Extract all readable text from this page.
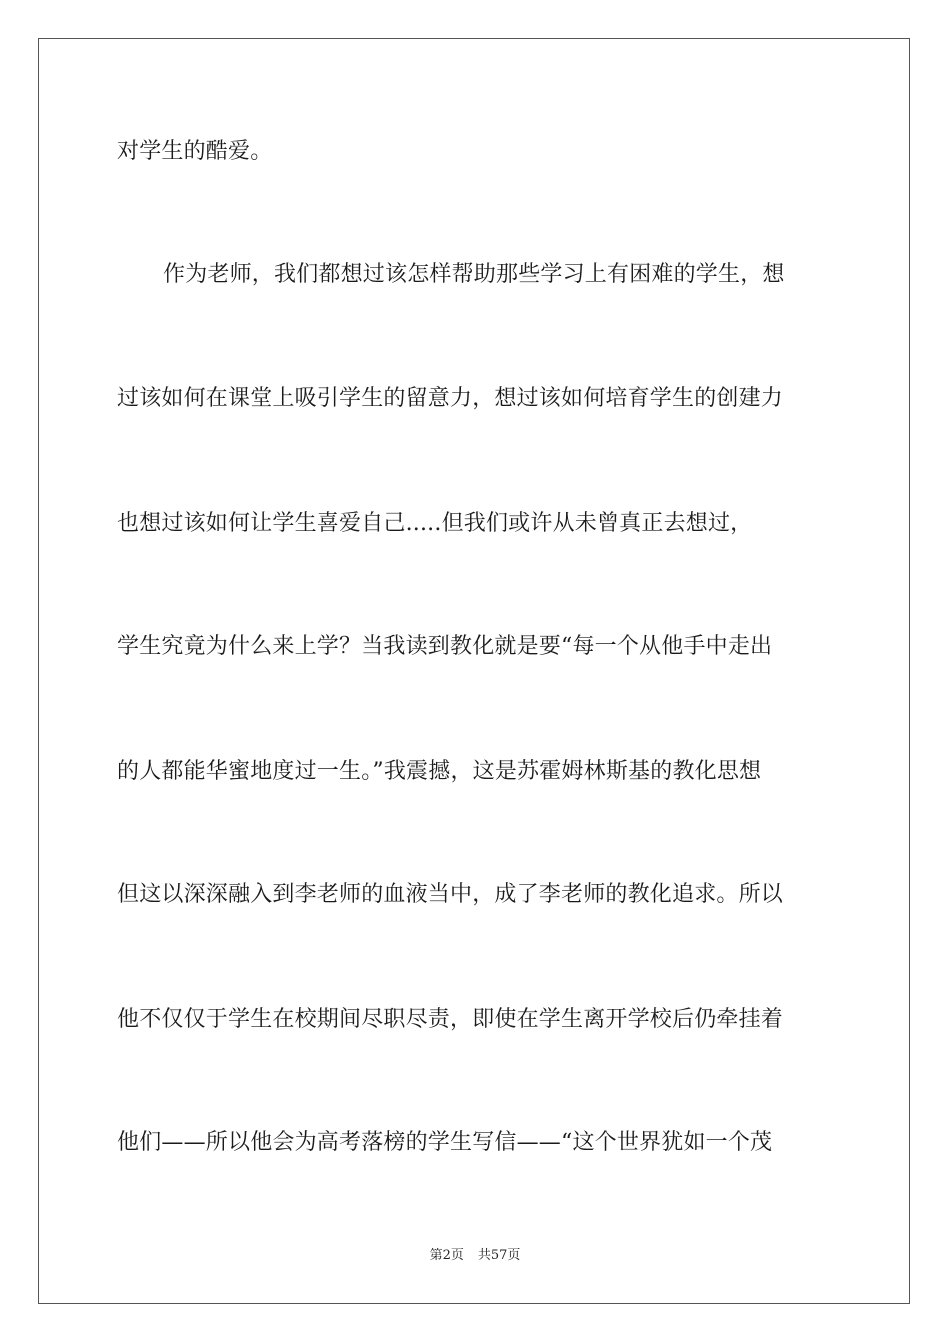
对学生的酷爱。
作为老师，我们都想过该怎样帮助那些学习上有困难的学生，想
过该如何在课堂上吸引学生的留意力，想过该如何培育学生的创建力
也想过该如何让学生喜爱自己.....但我们或许从未曾真正去想过，
学生究竟为什么来上学？当我读到教化就是要“每一个从他手中走出
的人都能华蜜地度过一生。”我震撼，这是苏霍姆林斯基的教化思想
但这以深深融入到李老师的血液当中，成了李老师的教化追求。所以
他不仅仅于学生在校期间尽职尽责，即使在学生离开学校后仍牵挂着
他们——所以他会为高考落榜的学生写信——“这个世界犹如一个茂
第2页 共57页
